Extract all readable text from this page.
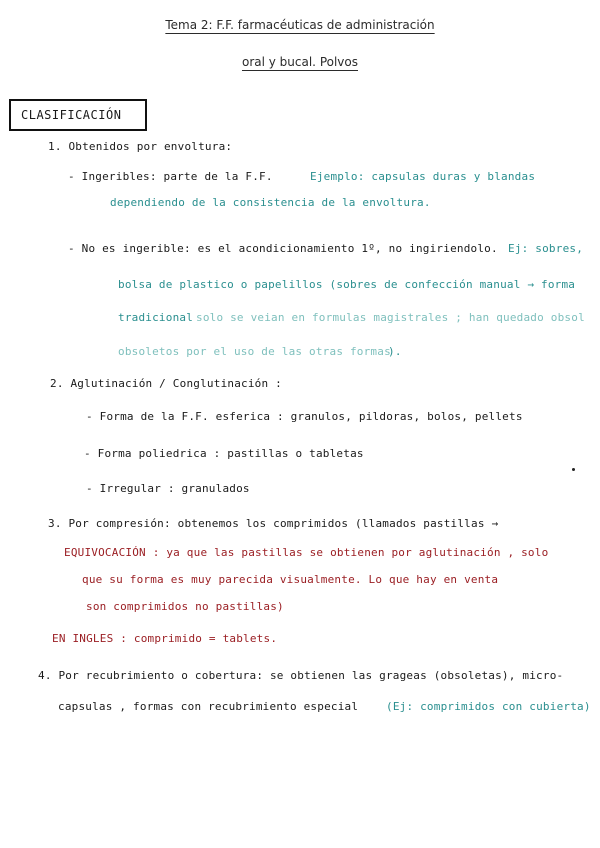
Tema 2: F.F. farmacéuticas de administración
oral y bucal. Polvos
CLASIFICACIÓN
1. Obtenidos por envoltura:
- Ingeribles: parte de la F.F.	Ejemplo: capsulas duras y blandas
dependiendo de la consistencia de la envoltura.
- No es ingerible: es el acondicionamiento 1º, no ingiriendolo. Ej: sobres,
bolsa de plastico o papelillos (sobres de confección manual → forma
tradicional solo se veian en formulas magistrales ; han quedado obsol
obsoletos por el uso de las otras formas
).
2. Aglutinación / Conglutinación :
- Forma de la F.F. esferica : granulos, pildoras, bolos, pellets
- Forma poliedrica : pastillas o tabletas
- Irregular : granulados
3. Por compresión: obtenemos los comprimidos (llamados pastillas →
EQUIVOCACIÓN : ya que las pastillas se obtienen por aglutinación , solo
que su forma es muy parecida visualmente. Lo que hay en venta
son comprimidos no pastillas)
EN INGLES : comprimido = tablets.
4. Por recubrimiento o cobertura: se obtienen las grageas (obsoletas), micro-
capsulas , formas con recubrimiento especial	(Ej: comprimidos con cubierta)
